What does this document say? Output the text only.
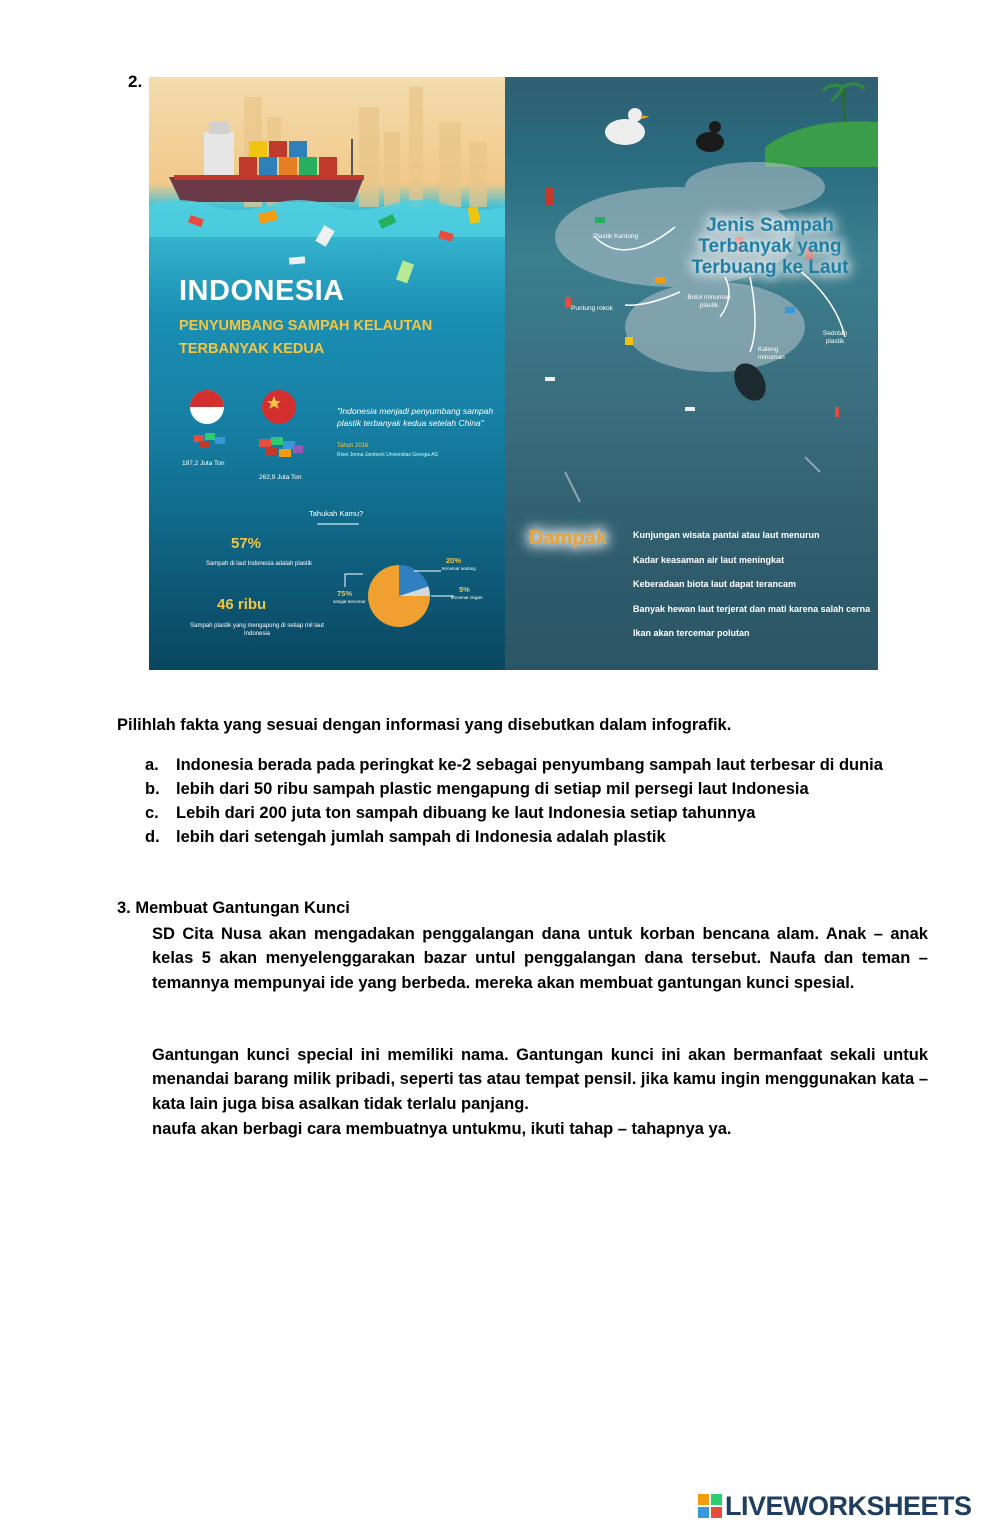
2.
INDONESIA
PENYUMBANG SAMPAH KELAUTAN TERBANYAK KEDUA
"Indonesia menjadi penyumbang sampah plastik terbanyak kedua setelah China"
Tahun 2016
Riset Jenna Jambeck Universitas Georgia AS
187,2 Juta Ton
262,9 Juta Ton
Tahukah Kamu?
57%
Sampah di laut Indonesia adalah plastik
46 ribu
Sampah plastik yang mengapung di setiap mil laut Indonesia
20%
tercemar sedang
5%
tercemar ringan
75%
sangat tercemar
Jenis Sampah Terbanyak yang Terbuang ke Laut
Plastik Kantong
Puntung rokok
Botol minuman plastik
Sedotan plastik
Kaleng minuman
Dampak	Kunjungan wisata pantai atau laut menurun
Kadar keasaman air laut meningkat
Keberadaan biota laut dapat terancam
Banyak hewan laut terjerat dan mati karena salah cerna
Ikan akan tercemar polutan
Pilihlah fakta yang sesuai dengan informasi yang disebutkan dalam infografik.
a. Indonesia berada pada peringkat ke-2 sebagai penyumbang sampah laut terbesar di dunia
b. lebih dari 50 ribu sampah plastic mengapung di setiap mil persegi laut Indonesia
c. Lebih dari 200 juta ton sampah dibuang ke laut Indonesia setiap tahunnya
d. lebih dari setengah jumlah sampah di Indonesia adalah plastik
3. Membuat Gantungan Kunci
SD Cita Nusa akan mengadakan penggalangan dana untuk korban bencana alam. Anak – anak kelas 5 akan menyelenggarakan bazar untul penggalangan dana tersebut. Naufa dan teman – temannya mempunyai ide yang berbeda. mereka akan membuat gantungan kunci spesial.
Gantungan kunci special ini memiliki nama. Gantungan kunci ini akan bermanfaat sekali untuk menandai barang milik pribadi, seperti tas atau tempat pensil. jika kamu ingin menggunakan kata – kata lain juga bisa asalkan tidak terlalu panjang.
naufa akan berbagi cara membuatnya untukmu, ikuti tahap – tahapnya ya.
LIVEWORKSHEETS
